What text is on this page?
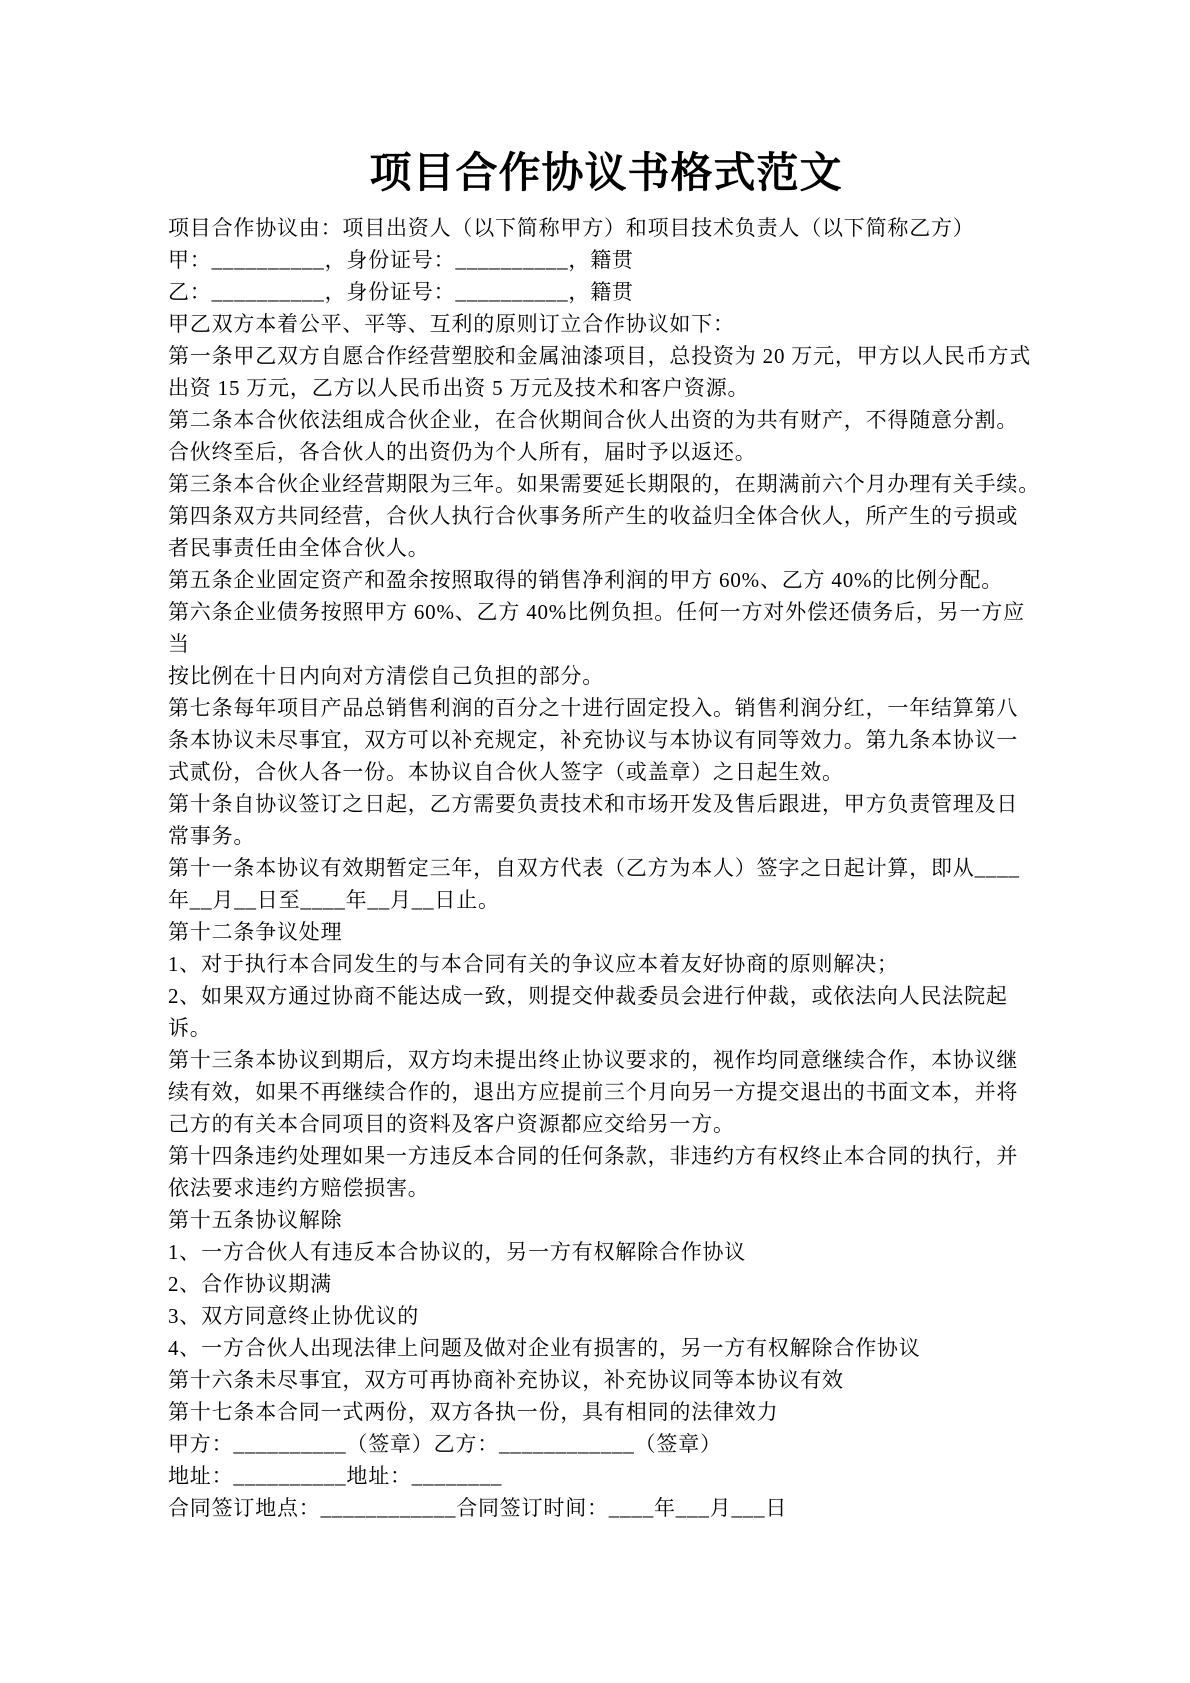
项目合作协议书格式范文
项目合作协议由：项目出资人（以下简称甲方）和项目技术负责人（以下简称乙方）
甲：__________，身份证号：__________，籍贯
乙：__________，身份证号：__________，籍贯
甲乙双方本着公平、平等、互利的原则订立合作协议如下：
第一条甲乙双方自愿合作经营塑胶和金属油漆项目，总投资为 20 万元，甲方以人民币方式
出资 15 万元，乙方以人民币出资 5 万元及技术和客户资源。
第二条本合伙依法组成合伙企业，在合伙期间合伙人出资的为共有财产，不得随意分割。
合伙终至后，各合伙人的出资仍为个人所有，届时予以返还。
第三条本合伙企业经营期限为三年。如果需要延长期限的，在期满前六个月办理有关手续。
第四条双方共同经营，合伙人执行合伙事务所产生的收益归全体合伙人，所产生的亏损或
者民事责任由全体合伙人。
第五条企业固定资产和盈余按照取得的销售净利润的甲方 60%、乙方 40%的比例分配。
第六条企业债务按照甲方 60%、乙方 40%比例负担。任何一方对外偿还债务后，另一方应当
按比例在十日内向对方清偿自己负担的部分。
第七条每年项目产品总销售利润的百分之十进行固定投入。销售利润分红，一年结算第八
条本协议未尽事宜，双方可以补充规定，补充协议与本协议有同等效力。第九条本协议一
式贰份，合伙人各一份。本协议自合伙人签字（或盖章）之日起生效。
第十条自协议签订之日起，乙方需要负责技术和市场开发及售后跟进，甲方负责管理及日
常事务。
第十一条本协议有效期暂定三年，自双方代表（乙方为本人）签字之日起计算，即从____
年__月__日至____年__月__日止。
第十二条争议处理
1、对于执行本合同发生的与本合同有关的争议应本着友好协商的原则解决；
2、如果双方通过协商不能达成一致，则提交仲裁委员会进行仲裁，或依法向人民法院起诉。
第十三条本协议到期后，双方均未提出终止协议要求的，视作均同意继续合作，本协议继
续有效，如果不再继续合作的，退出方应提前三个月向另一方提交退出的书面文本，并将
己方的有关本合同项目的资料及客户资源都应交给另一方。
第十四条违约处理如果一方违反本合同的任何条款，非违约方有权终止本合同的执行，并
依法要求违约方赔偿损害。
第十五条协议解除
1、一方合伙人有违反本合协议的，另一方有权解除合作协议
2、合作协议期满
3、双方同意终止协优议的
4、一方合伙人出现法律上问题及做对企业有损害的，另一方有权解除合作协议
第十六条未尽事宜，双方可再协商补充协议，补充协议同等本协议有效
第十七条本合同一式两份，双方各执一份，具有相同的法律效力
甲方：__________（签章）乙方：____________（签章）
地址：__________地址：________
合同签订地点：____________合同签订时间：____年___月___日
